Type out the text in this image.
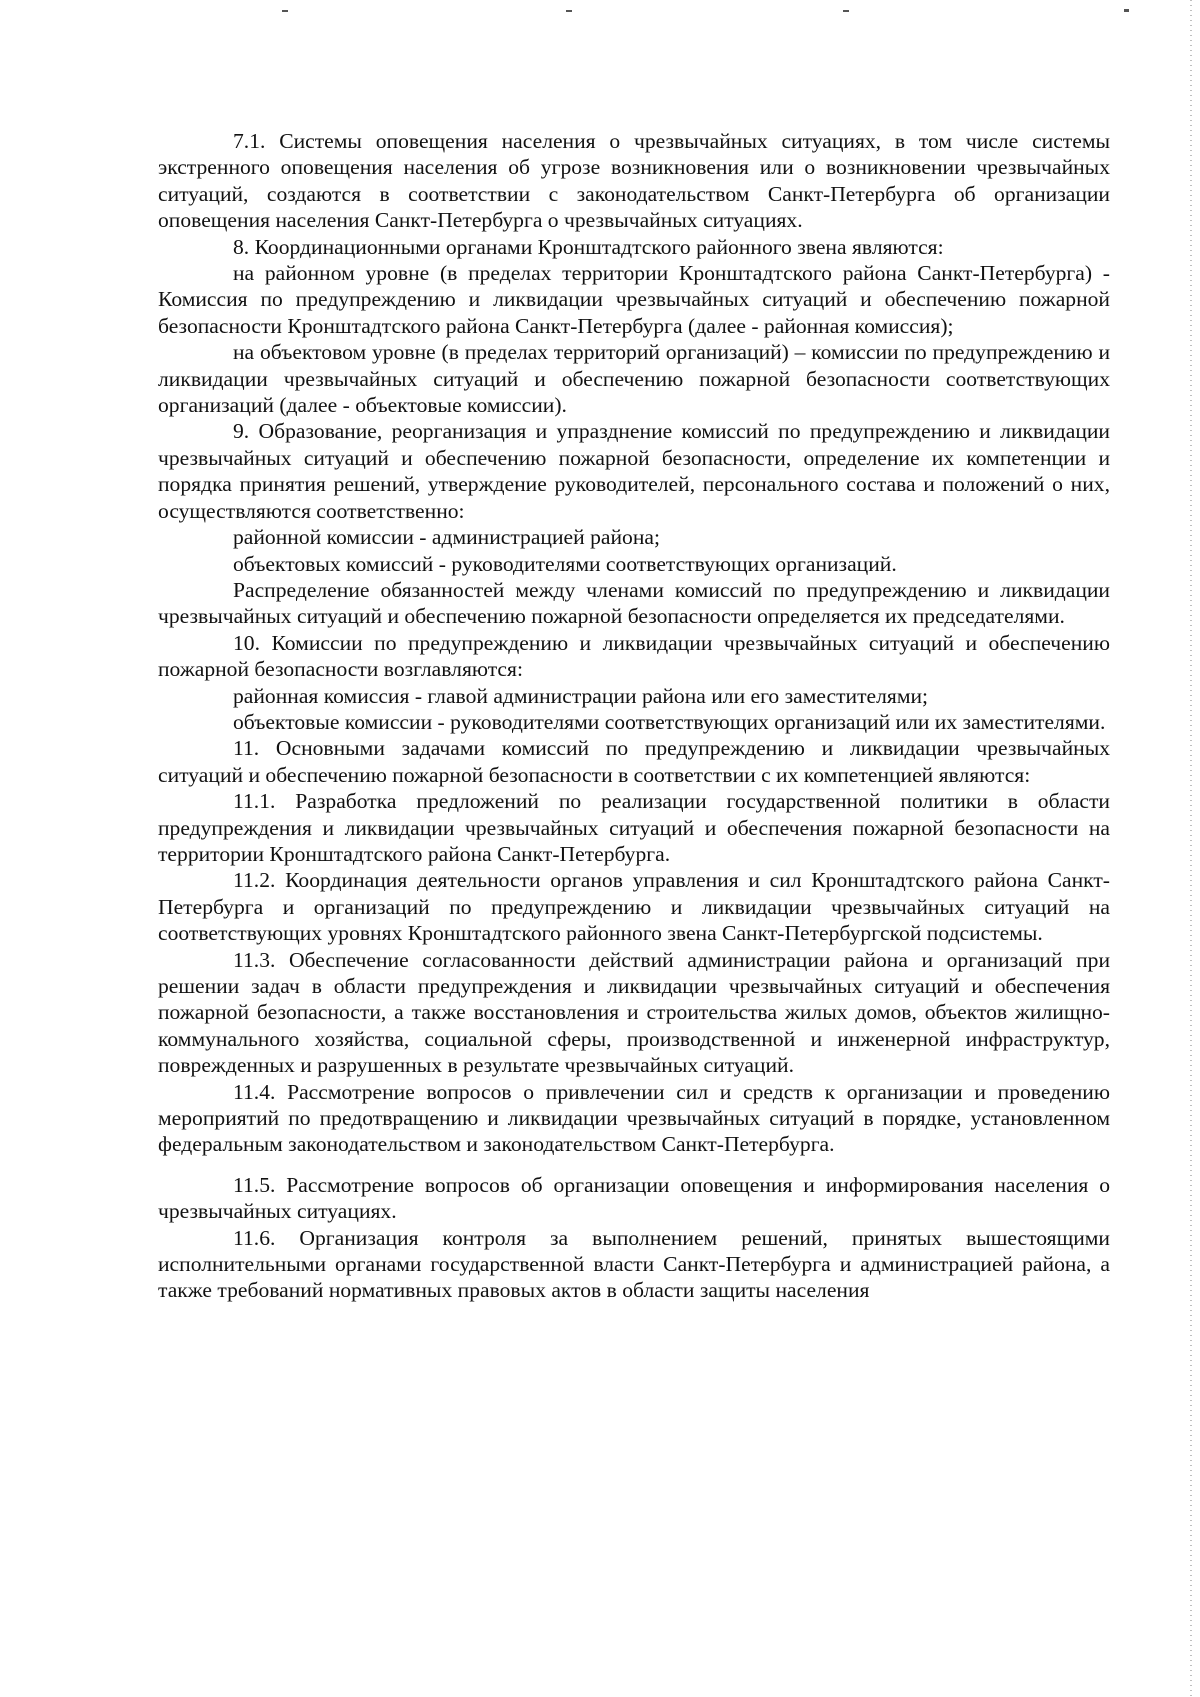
7.1. Системы оповещения населения о чрезвычайных ситуациях, в том числе системы экстренного оповещения населения об угрозе возникновения или о возникновении чрезвычайных ситуаций, создаются в соответствии с законодательством Санкт-Петербурга об организации оповещения населения Санкт-Петербурга о чрезвычайных ситуациях.

8. Координационными органами Кронштадтского районного звена являются:

на районном уровне (в пределах территории Кронштадтского района Санкт-Петербурга) - Комиссия по предупреждению и ликвидации чрезвычайных ситуаций и обеспечению пожарной безопасности Кронштадтского района Санкт-Петербурга (далее - районная комиссия);

на объектовом уровне (в пределах территорий организаций) – комиссии по предупреждению и ликвидации чрезвычайных ситуаций и обеспечению пожарной безопасности соответствующих организаций (далее - объектовые комиссии).

9. Образование, реорганизация и упразднение комиссий по предупреждению и ликвидации чрезвычайных ситуаций и обеспечению пожарной безопасности, определение их компетенции и порядка принятия решений, утверждение руководителей, персонального состава и положений о них, осуществляются соответственно:

районной комиссии - администрацией района;

объектовых комиссий - руководителями соответствующих организаций.

Распределение обязанностей между членами комиссий по предупреждению и ликвидации чрезвычайных ситуаций и обеспечению пожарной безопасности определяется их председателями.

10. Комиссии по предупреждению и ликвидации чрезвычайных ситуаций и обеспечению пожарной безопасности возглавляются:

районная комиссия - главой администрации района или его заместителями;

объектовые комиссии - руководителями соответствующих организаций или их заместителями.

11. Основными задачами комиссий по предупреждению и ликвидации чрезвычайных ситуаций и обеспечению пожарной безопасности в соответствии с их компетенцией являются:

11.1. Разработка предложений по реализации государственной политики в области предупреждения и ликвидации чрезвычайных ситуаций и обеспечения пожарной безопасности на территории Кронштадтского района Санкт-Петербурга.

11.2. Координация деятельности органов управления и сил Кронштадтского района Санкт-Петербурга и организаций по предупреждению и ликвидации чрезвычайных ситуаций на соответствующих уровнях Кронштадтского районного звена Санкт-Петербургской подсистемы.

11.3. Обеспечение согласованности действий администрации района и организаций при решении задач в области предупреждения и ликвидации чрезвычайных ситуаций и обеспечения пожарной безопасности, а также восстановления и строительства жилых домов, объектов жилищно-коммунального хозяйства, социальной сферы, производственной и инженерной инфраструктур, поврежденных и разрушенных в результате чрезвычайных ситуаций.

11.4. Рассмотрение вопросов о привлечении сил и средств к организации и проведению мероприятий по предотвращению и ликвидации чрезвычайных ситуаций в порядке, установленном федеральным законодательством и законодательством Санкт-Петербурга.

11.5. Рассмотрение вопросов об организации оповещения и информирования населения о чрезвычайных ситуациях.

11.6. Организация контроля за выполнением решений, принятых вышестоящими исполнительными органами государственной власти Санкт-Петербурга и администрацией района, а также требований нормативных правовых актов в области защиты населения
